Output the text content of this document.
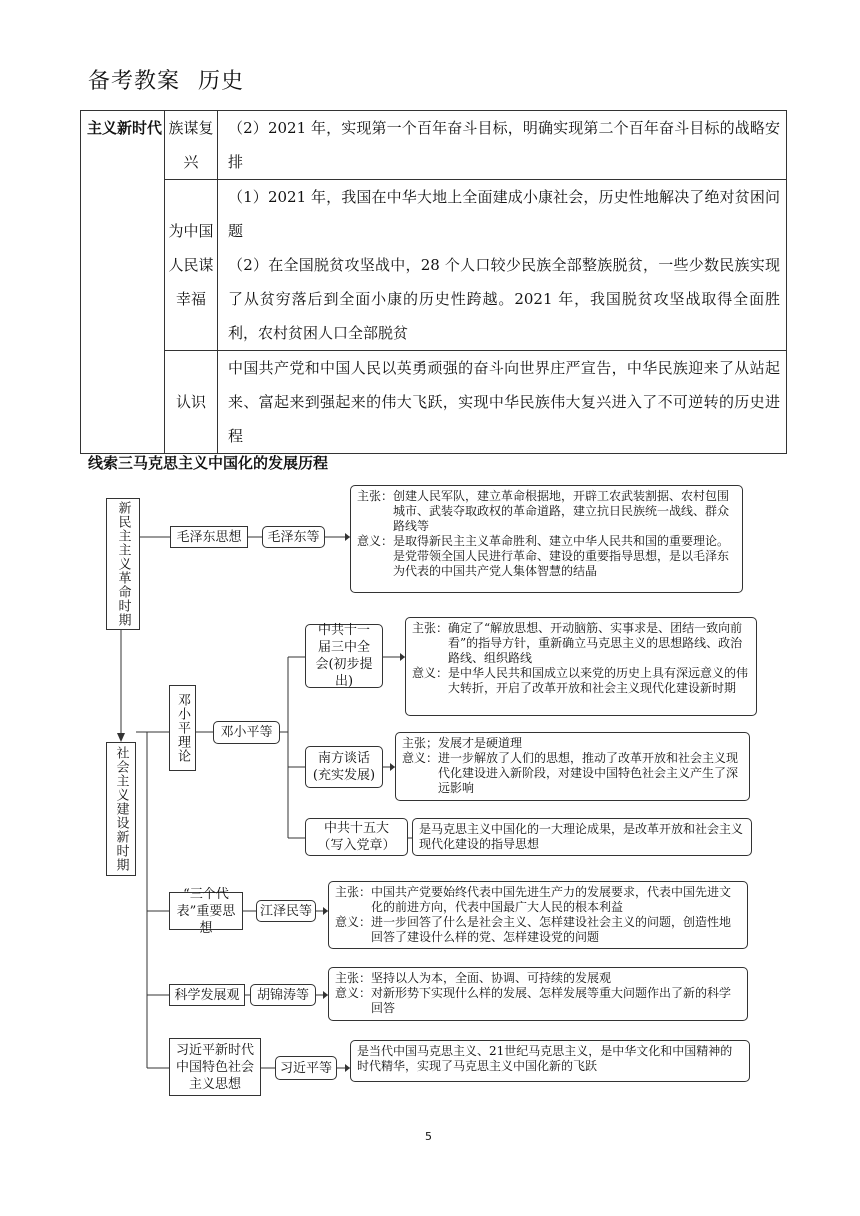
备考教案 历史
主义新时代	族谋复兴	（2）2021 年，实现第一个百年奋斗目标，明确实现第二个百年奋斗目标的战略安排

	为中国人民谋幸福	（1）2021 年，我国在中华大地上全面建成小康社会，历史性地解决了绝对贫困问题
（2）在全国脱贫攻坚战中，28 个人口较少民族全部整族脱贫，一些少数民族实现了从贫穷落后到全面小康的历史性跨越。2021 年，我国脱贫攻坚战取得全面胜利，农村贫困人口全部脱贫

	认识	中国共产党和中国人民以英勇顽强的奋斗向世界庄严宣告，中华民族迎来了从站起来、富起来到强起来的伟大飞跃，实现中华民族伟大复兴进入了不可逆转的历史进程
线索三马克思主义中国化的发展历程
新民主主义革命时期
社会主义建设新时期
毛泽东思想	毛泽东等
主张： 创建人民军队，建立革命根据地，开辟工农武装割据、农村包围城市、武装夺取政权的革命道路，建立抗日民族统一战线、群众路线等
意义： 是取得新民主主义革命胜利、建立中华人民共和国的重要理论。是党带领全国人民进行革命、建设的重要指导思想，是以毛泽东为代表的中国共产党人集体智慧的结晶
邓小平理论	邓小平等
中共十一届三中全会(初步提出)
主张： 确定了“解放思想、开动脑筋、实事求是、团结一致向前看”的指导方针，重新确立马克思主义的思想路线、政治路线、组织路线
意义： 是中华人民共和国成立以来党的历史上具有深远意义的伟大转折，开启了改革开放和社会主义现代化建设新时期
南方谈话(充实发展)
主张； 发展才是硬道理
意义： 进一步解放了人们的思想，推动了改革开放和社会主义现代化建设进入新阶段，对建设中国特色社会主义产生了深远影响
中共十五大（写入党章）
是马克思主义中国化的一大理论成果，是改革开放和社会主义现代化建设的指导思想
“三个代表”重要思想
江泽民等
主张： 中国共产党要始终代表中国先进生产力的发展要求，代表中国先进文化的前进方向，代表中国最广大人民的根本利益
意义： 进一步回答了什么是社会主义、怎样建设社会主义的问题，创造性地回答了建设什么样的党、怎样建设党的问题
科学发展观	胡锦涛等
主张： 坚持以人为本，全面、协调、可持续的发展观
意义： 对新形势下实现什么样的发展、怎样发展等重大问题作出了新的科学回答
习近平新时代中国特色社会主义思想
习近平等
是当代中国马克思主义、21世纪马克思主义，是中华文化和中国精神的时代精华，实现了马克思主义中国化新的飞跃
5
